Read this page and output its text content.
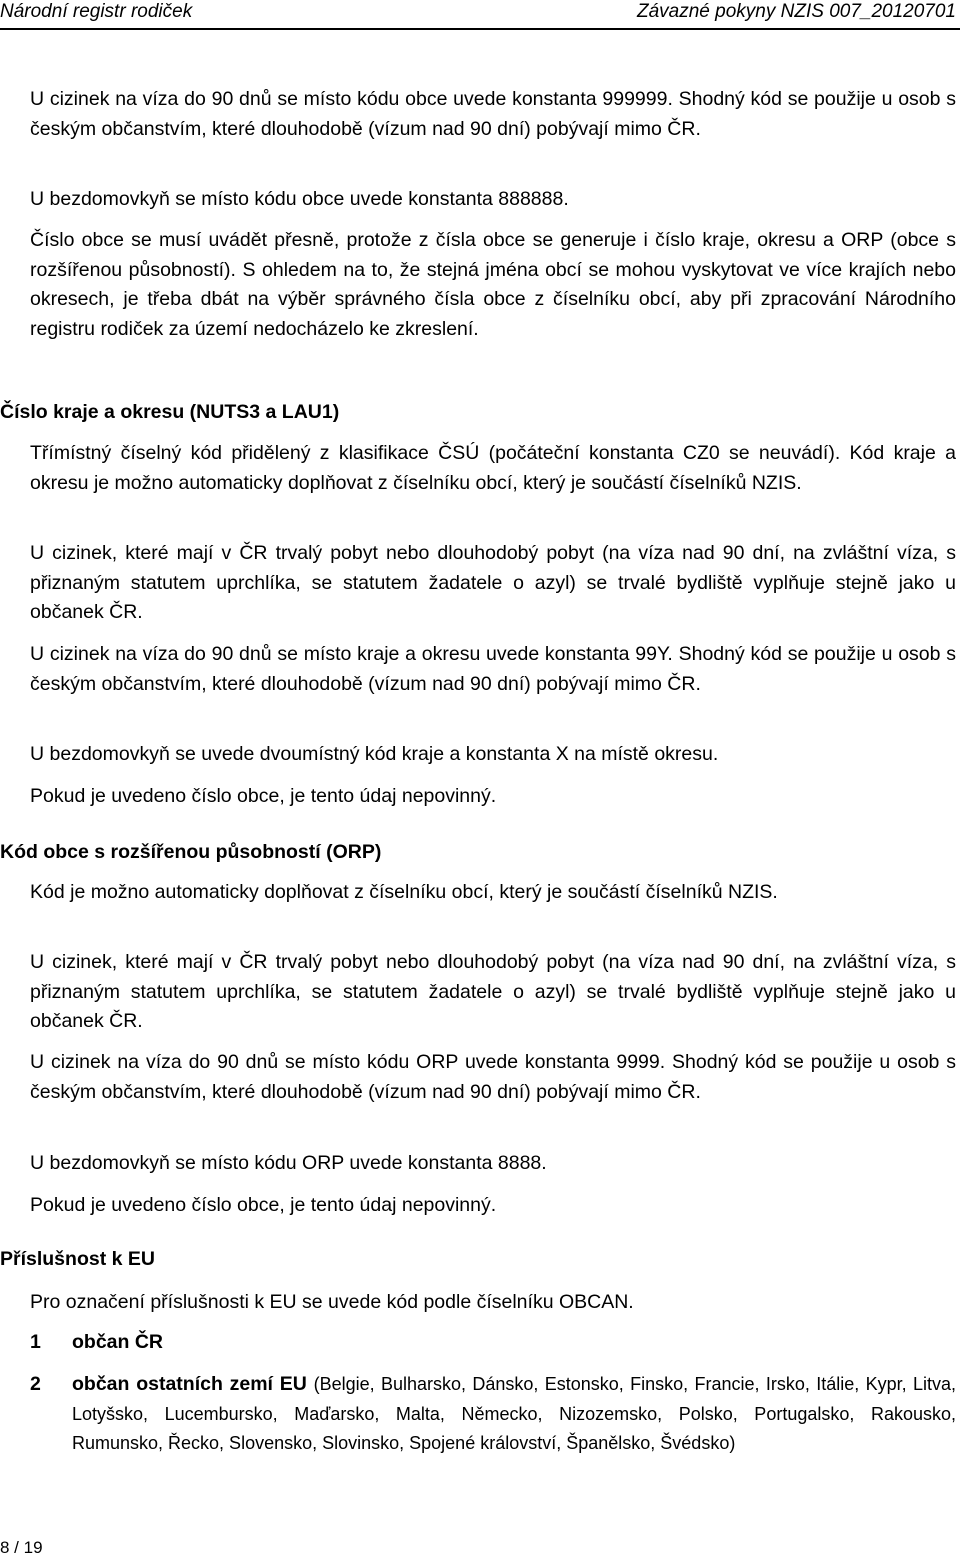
Národní registr rodiček	Závazné pokyny NZIS 007_20120701
U cizinek na víza do 90 dnů se místo kódu obce uvede konstanta 999999. Shodný kód se použije u osob s českým občanstvím, které dlouhodobě (vízum nad 90 dní) pobývají mimo ČR.
U bezdomovkyň se místo kódu obce uvede konstanta 888888.
Číslo obce se musí uvádět přesně, protože z čísla obce se generuje i číslo kraje, okresu a ORP (obce s rozšířenou působností). S ohledem na to, že stejná jména obcí se mohou vyskytovat ve více krajích nebo okresech, je třeba dbát na výběr správného čísla obce z číselníku obcí, aby při zpracování Národního registru rodiček za území nedocházelo ke zkreslení.
Číslo kraje a okresu (NUTS3 a LAU1)
Třímístný číselný kód přidělený z klasifikace ČSÚ (počáteční konstanta CZ0 se neuvádí). Kód kraje a okresu je možno automaticky doplňovat z číselníku obcí, který je součástí číselníků NZIS.
U cizinek, které mají v ČR trvalý pobyt nebo dlouhodobý pobyt (na víza nad 90 dní, na zvláštní víza, s přiznaným statutem uprchlíka, se statutem žadatele o azyl) se trvalé bydliště vyplňuje stejně jako u občanek ČR.
U cizinek na víza do 90 dnů se místo kraje a okresu uvede konstanta 99Y. Shodný kód se použije u osob s českým občanstvím, které dlouhodobě (vízum nad 90 dní) pobývají mimo ČR.
U bezdomovkyň se uvede dvoumístný kód kraje a konstanta X na místě okresu.
Pokud je uvedeno číslo obce, je tento údaj nepovinný.
Kód obce s rozšířenou působností (ORP)
Kód je možno automaticky doplňovat z číselníku obcí, který je součástí číselníků NZIS.
U cizinek, které mají v ČR trvalý pobyt nebo dlouhodobý pobyt (na víza nad 90 dní, na zvláštní víza, s přiznaným statutem uprchlíka, se statutem žadatele o azyl) se trvalé bydliště vyplňuje stejně jako u občanek ČR.
U cizinek na víza do 90 dnů se místo kódu ORP uvede konstanta 9999. Shodný kód se použije u osob s českým občanstvím, které dlouhodobě (vízum nad 90 dní) pobývají mimo ČR.
U bezdomovkyň se místo kódu ORP uvede konstanta 8888.
Pokud je uvedeno číslo obce, je tento údaj nepovinný.
Příslušnost k EU
Pro označení příslušnosti k EU se uvede kód podle číselníku OBCAN.
1 občan ČR
2 občan ostatních zemí EU (Belgie, Bulharsko, Dánsko, Estonsko, Finsko, Francie, Irsko, Itálie, Kypr, Litva, Lotyšsko, Lucembursko, Maďarsko, Malta, Německo, Nizozemsko, Polsko, Portugalsko, Rakousko, Rumunsko, Řecko, Slovensko, Slovinsko, Spojené království, Španělsko, Švédsko)
8 / 19
